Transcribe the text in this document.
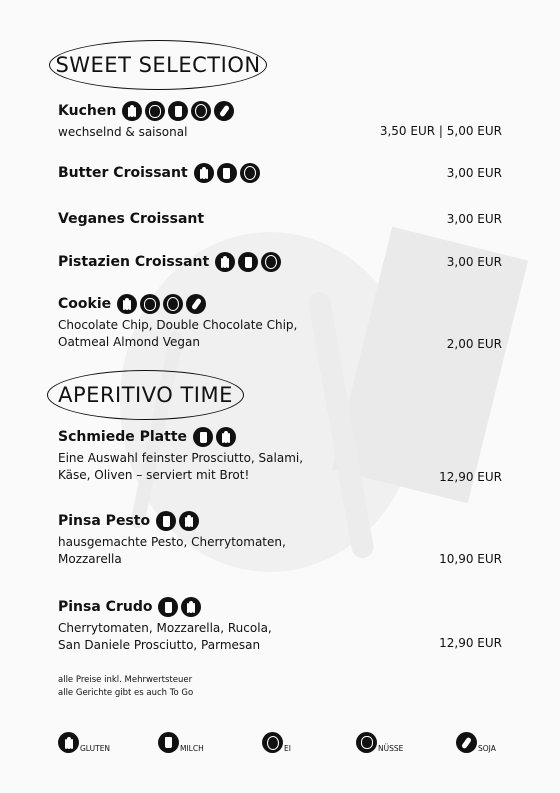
SWEET SELECTION
Kuchen
wechselnd & saisonal	3,50 EUR | 5,00 EUR
Butter Croissant	3,00 EUR
Veganes Croissant	3,00 EUR
Pistazien Croissant	3,00 EUR
Cookie
Chocolate Chip, Double Chocolate Chip,
Oatmeal Almond Vegan	2,00 EUR
APERITIVO TIME
Schmiede Platte
Eine Auswahl feinster Prosciutto, Salami,
Käse, Oliven – serviert mit Brot!	12,90 EUR
Pinsa Pesto
hausgemachte Pesto, Cherrytomaten,
Mozzarella	10,90 EUR
Pinsa Crudo
Cherrytomaten, Mozzarella, Rucola,
San Daniele Prosciutto, Parmesan	12,90 EUR
alle Preise inkl. Mehrwertsteuer
alle Gerichte gibt es auch To Go
GLUTEN	MILCH	EI	NÜSSE	SOJA
